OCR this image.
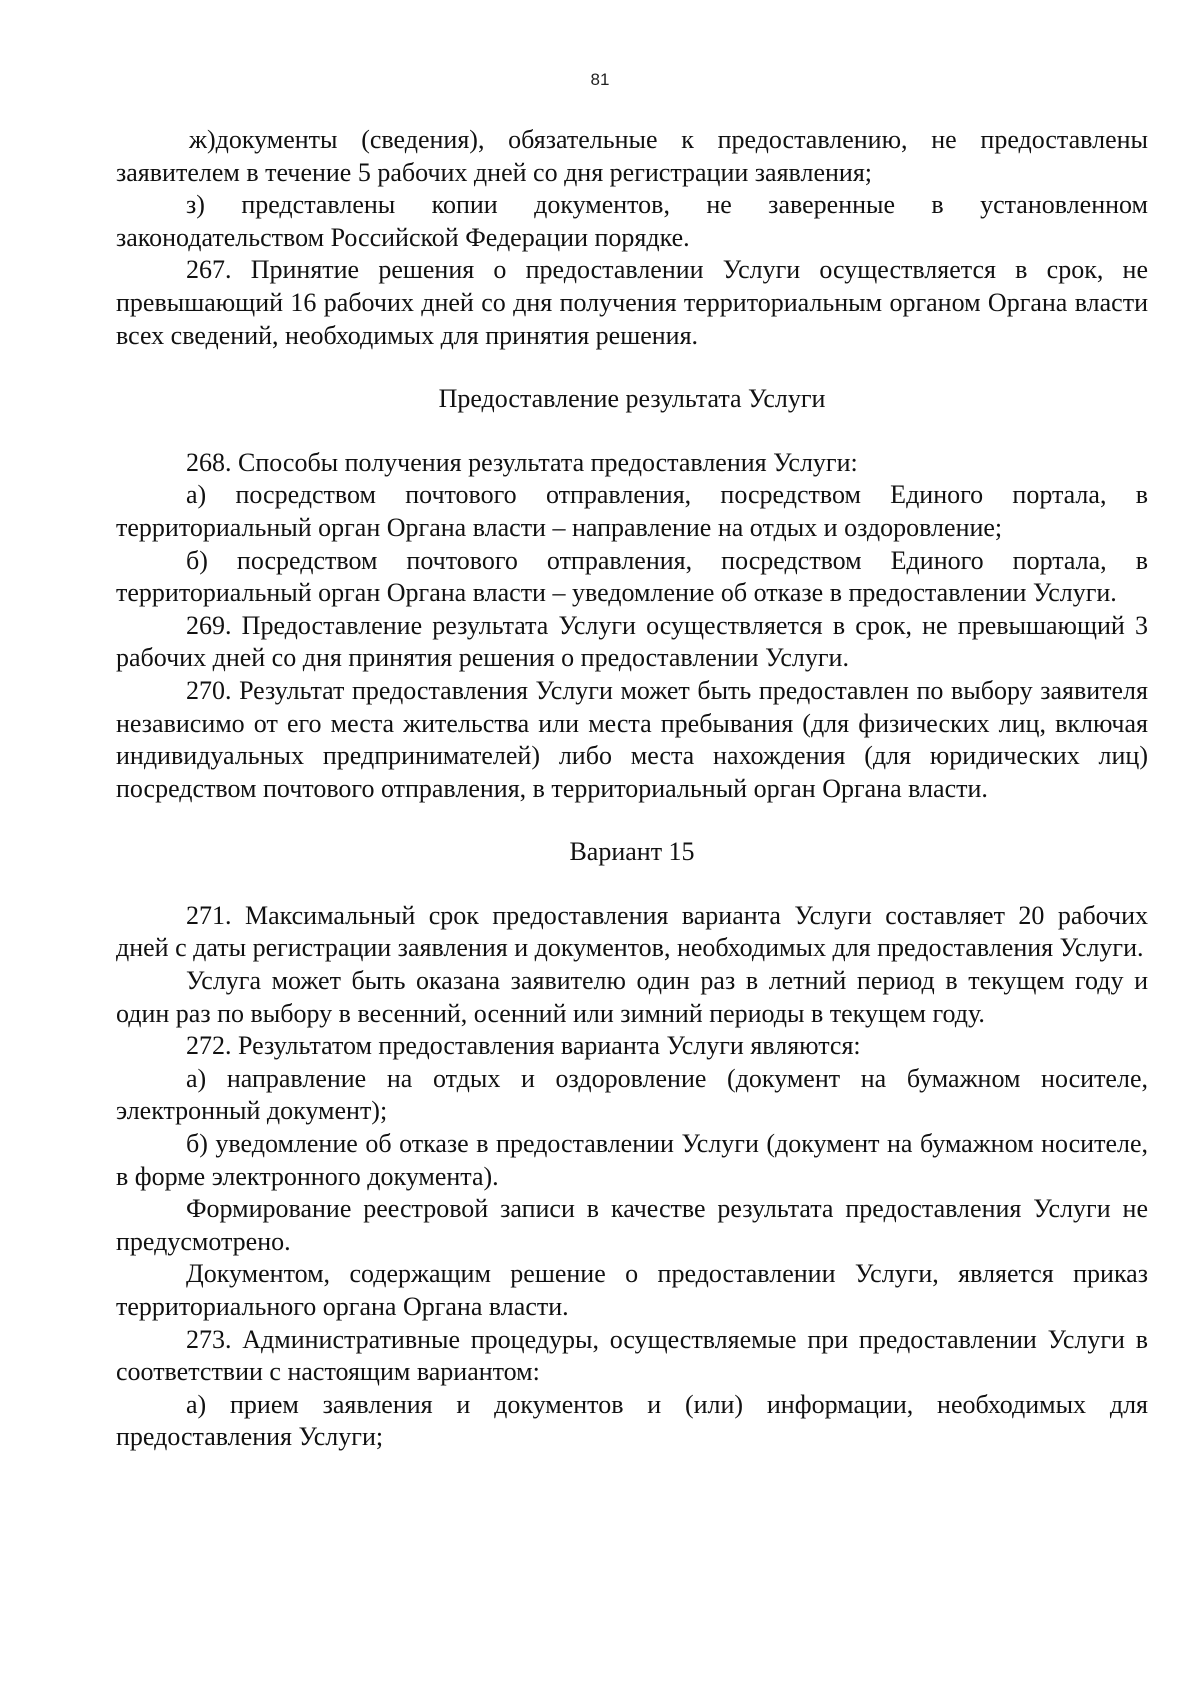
81

ж)документы (сведения), обязательные к предоставлению, не предоставлены заявителем в течение 5 рабочих дней со дня регистрации заявления;

з) представлены копии документов, не заверенные в установленном законодательством Российской Федерации порядке.

267. Принятие решения о предоставлении Услуги осуществляется в срок, не превышающий 16 рабочих дней со дня получения территориальным органом Органа власти всех сведений, необходимых для принятия решения.

Предоставление результата Услуги

268. Способы получения результата предоставления Услуги:

а) посредством почтового отправления, посредством Единого портала, в территориальный орган Органа власти – направление на отдых и оздоровление;

б) посредством почтового отправления, посредством Единого портала, в территориальный орган Органа власти – уведомление об отказе в предоставлении Услуги.

269. Предоставление результата Услуги осуществляется в срок, не превышающий 3 рабочих дней со дня принятия решения о предоставлении Услуги.

270. Результат предоставления Услуги может быть предоставлен по выбору заявителя независимо от его места жительства или места пребывания (для физических лиц, включая индивидуальных предпринимателей) либо места нахождения (для юридических лиц) посредством почтового отправления, в территориальный орган Органа власти.

Вариант 15

271. Максимальный срок предоставления варианта Услуги составляет 20 рабочих дней с даты регистрации заявления и документов, необходимых для предоставления Услуги.

Услуга может быть оказана заявителю один раз в летний период в текущем году и один раз по выбору в весенний, осенний или зимний периоды в текущем году.

272. Результатом предоставления варианта Услуги являются:

а) направление на отдых и оздоровление (документ на бумажном носителе, электронный документ);

б) уведомление об отказе в предоставлении Услуги (документ на бумажном носителе, в форме электронного документа).

Формирование реестровой записи в качестве результата предоставления Услуги не предусмотрено.

Документом, содержащим решение о предоставлении Услуги, является приказ территориального органа Органа власти.

273. Административные процедуры, осуществляемые при предоставлении Услуги в соответствии с настоящим вариантом:

а) прием заявления и документов и (или) информации, необходимых для предоставления Услуги;
